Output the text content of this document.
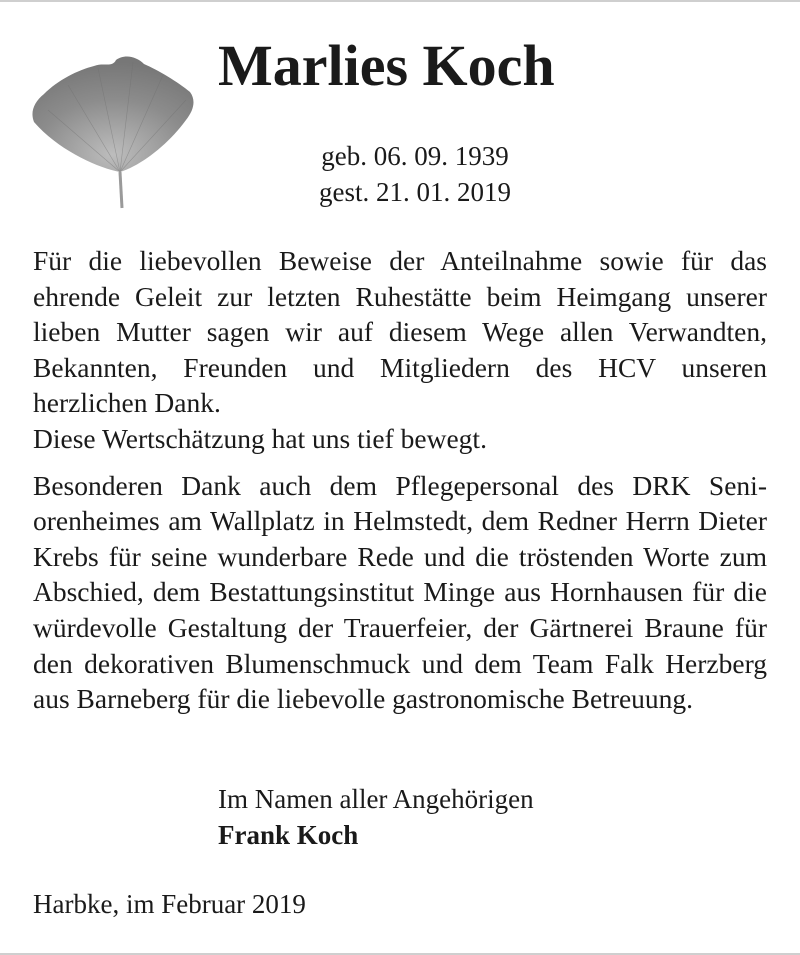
Marlies Koch
geb. 06. 09. 1939
gest. 21. 01. 2019

Für die liebevollen Beweise der Anteilnahme sowie für das ehrende Geleit zur letzten Ruhestätte beim Heimgang unserer lieben Mutter sagen wir auf diesem Wege allen Verwandten, Bekannten, Freunden und Mitgliedern des HCV unseren herzlichen Dank.

Diese Wertschätzung hat uns tief bewegt.

Besonderen Dank auch dem Pflegepersonal des DRK Seniorenheimes am Wallplatz in Helmstedt, dem Redner Herrn Dieter Krebs für seine wunderbare Rede und die tröstenden Worte zum Abschied, dem Bestattungsinstitut Minge aus Hornhausen für die würdevolle Gestaltung der Trauerfeier, der Gärtnerei Braune für den dekorativen Blumenschmuck und dem Team Falk Herzberg aus Barneberg für die liebevolle gastronomische Betreuung.

Im Namen aller Angehörigen
Frank Koch
Harbke, im Februar 2019
